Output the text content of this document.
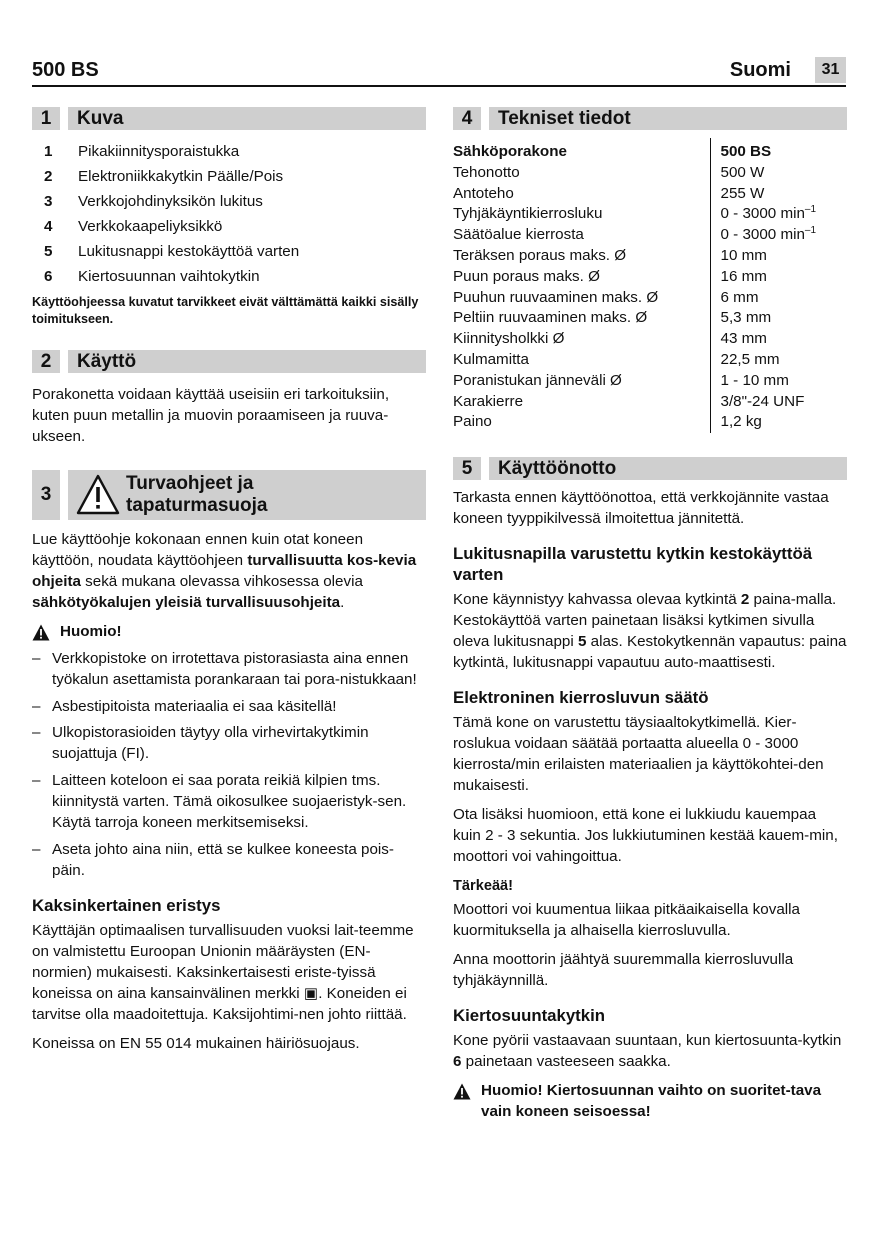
500 BS	Suomi	31
1	Kuva
1	Pikakiinnitysporaistukka
2	Elektroniikkakytkin Päälle/Pois
3	Verkkojohdinyksikön lukitus
4	Verkkokaapeliyksikkö
5	Lukitusnappi kestokäyttöä varten
6	Kiertosuunnan vaihtokytkin
Käyttöohjeessa kuvatut tarvikkeet eivät välttämättä kaikki sisälly toimitukseen.
2	Käyttö

Porakonetta voidaan käyttää useisiin eri tarkoituksiin, kuten puun metallin ja muovin poraamiseen ja ruuva-ukseen.

3
Turvaohjeet ja
tapaturmasuoja

Lue käyttöohje kokonaan ennen kuin otat koneen käyttöön, noudata käyttöohjeen turvallisuutta kos-kevia ohjeita sekä mukana olevassa vihkosessa olevia sähkötyökalujen yleisiä turvallisuusohjeita.

Huomio!
– Verkkopistoke on irrotettava pistorasiasta aina ennen työkalun asettamista porankaraan tai pora-nistukkaan!
– Asbestipitoista materiaalia ei saa käsitellä!
– Ulkopistorasioiden täytyy olla virhevirtakytkimin suojattuja (FI).
– Laitteen koteloon ei saa porata reikiä kilpien tms. kiinnitystä varten. Tämä oikosulkee suojaeristyk-sen. Käytä tarroja koneen merkitsemiseksi.
– Aseta johto aina niin, että se kulkee koneesta pois-päin.
Kaksinkertainen eristys

Käyttäjän optimaalisen turvallisuuden vuoksi lait-teemme on valmistettu Euroopan Unionin määräysten (EN-normien) mukaisesti. Kaksinkertaisesti eriste-tyissä koneissa on aina kansainvälinen merkki ▣. Koneiden ei tarvitse olla maadoitettuja. Kaksijohtimi-nen johto riittää.

Koneissa on EN 55 014 mukainen häiriösuojaus.

4	Tekniset tiedot
Sähköporakone	500 BS
Tehonotto	500 W
Antoteho	255 W
Tyhjäkäyntikierrosluku	0 - 3000 $\min^{-1}$
Säätöalue kierrosta	0 - 3000 $\min^{-1}$
Teräksen poraus maks. Ø	10 mm
Puun poraus maks. Ø	16 mm
Puuhun ruuvaaminen maks. Ø	6 mm
Peltiin ruuvaaminen maks. Ø	5,3 mm
Kiinnitysholkki Ø	43 mm
Kulmamitta	22,5 mm
Poranistukan jänneväli Ø	1 - 10 mm
Karakierre	3/8"-24 UNF
Paino	1,2 kg
5	Käyttöönotto

Tarkasta ennen käyttöönottoa, että verkkojännite vastaa koneen tyyppikilvessä ilmoitettua jännitettä.

Lukitusnapilla varustettu kytkin kestokäyttöä varten

Kone käynnistyy kahvassa olevaa kytkintä 2 paina-malla. Kestokäyttöä varten painetaan lisäksi kytkimen sivulla oleva lukitusnappi 5 alas. Kestokytkennän vapautus: paina kytkintä, lukitusnappi vapautuu auto-maattisesti.

Elektroninen kierrosluvun säätö

Tämä kone on varustettu täysiaaltokytkimellä. Kier-roslukua voidaan säätää portaatta alueella 0 - 3000 kierrosta/min erilaisten materiaalien ja käyttökohtei-den mukaisesti.

Ota lisäksi huomioon, että kone ei lukkiudu kauempaa kuin 2 - 3 sekuntia. Jos lukkiutuminen kestää kauem-min, moottori voi vahingoittua.

Tärkeää!

Moottori voi kuumentua liikaa pitkäaikaisella kovalla kuormituksella ja alhaisella kierrosluvulla.

Anna moottorin jäähtyä suuremmalla kierrosluvulla tyhjäkäynnillä.

Kiertosuuntakytkin

Kone pyörii vastaavaan suuntaan, kun kiertosuunta-kytkin 6 painetaan vasteeseen saakka.

Huomio! Kiertosuunnan vaihto on suoritet-tava vain koneen seisoessa!
